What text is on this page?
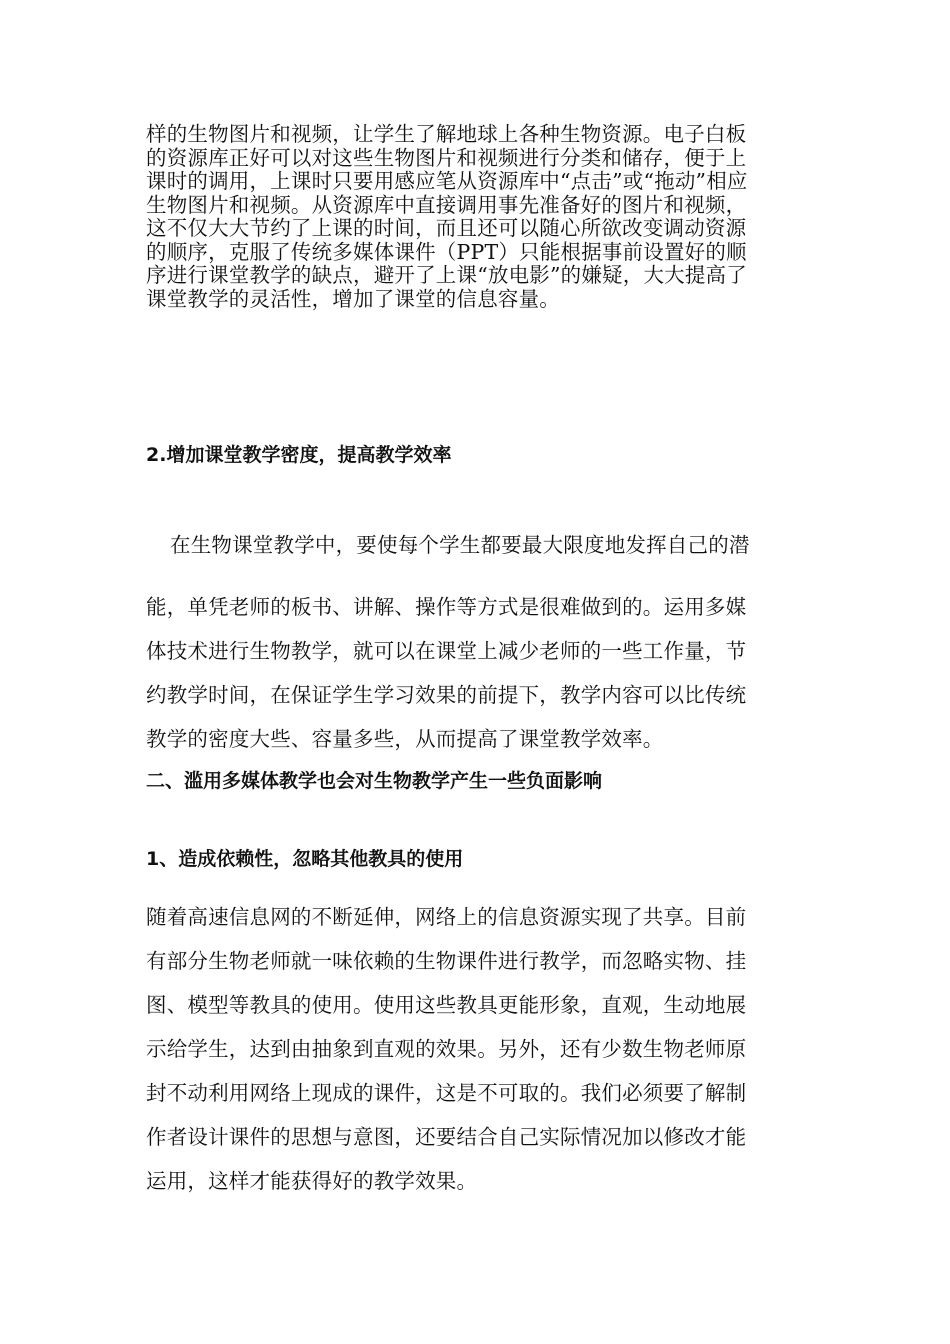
样的生物图片和视频，让学生了解地球上各种生物资源。电子白板
的资源库正好可以对这些生物图片和视频进行分类和储存，便于上
课时的调用，上课时只要用感应笔从资源库中“点击”或“拖动”相应
生物图片和视频。从资源库中直接调用事先准备好的图片和视频，
这不仅大大节约了上课的时间，而且还可以随心所欲改变调动资源
的顺序，克服了传统多媒体课件（PPT）只能根据事前设置好的顺
序进行课堂教学的缺点，避开了上课“放电影”的嫌疑，大大提高了
课堂教学的灵活性，增加了课堂的信息容量。
2.增加课堂教学密度，提高教学效率
在生物课堂教学中，要使每个学生都要最大限度地发挥自己的潜
能，单凭老师的板书、讲解、操作等方式是很难做到的。运用多媒
体技术进行生物教学，就可以在课堂上减少老师的一些工作量，节
约教学时间，在保证学生学习效果的前提下，教学内容可以比传统
教学的密度大些、容量多些，从而提高了课堂教学效率。
二、滥用多媒体教学也会对生物教学产生一些负面影响
1、造成依赖性，忽略其他教具的使用
随着高速信息网的不断延伸，网络上的信息资源实现了共享。目前
有部分生物老师就一味依赖的生物课件进行教学，而忽略实物、挂
图、模型等教具的使用。使用这些教具更能形象，直观，生动地展
示给学生，达到由抽象到直观的效果。另外，还有少数生物老师原
封不动利用网络上现成的课件，这是不可取的。我们必须要了解制
作者设计课件的思想与意图，还要结合自己实际情况加以修改才能
运用，这样才能获得好的教学效果。
